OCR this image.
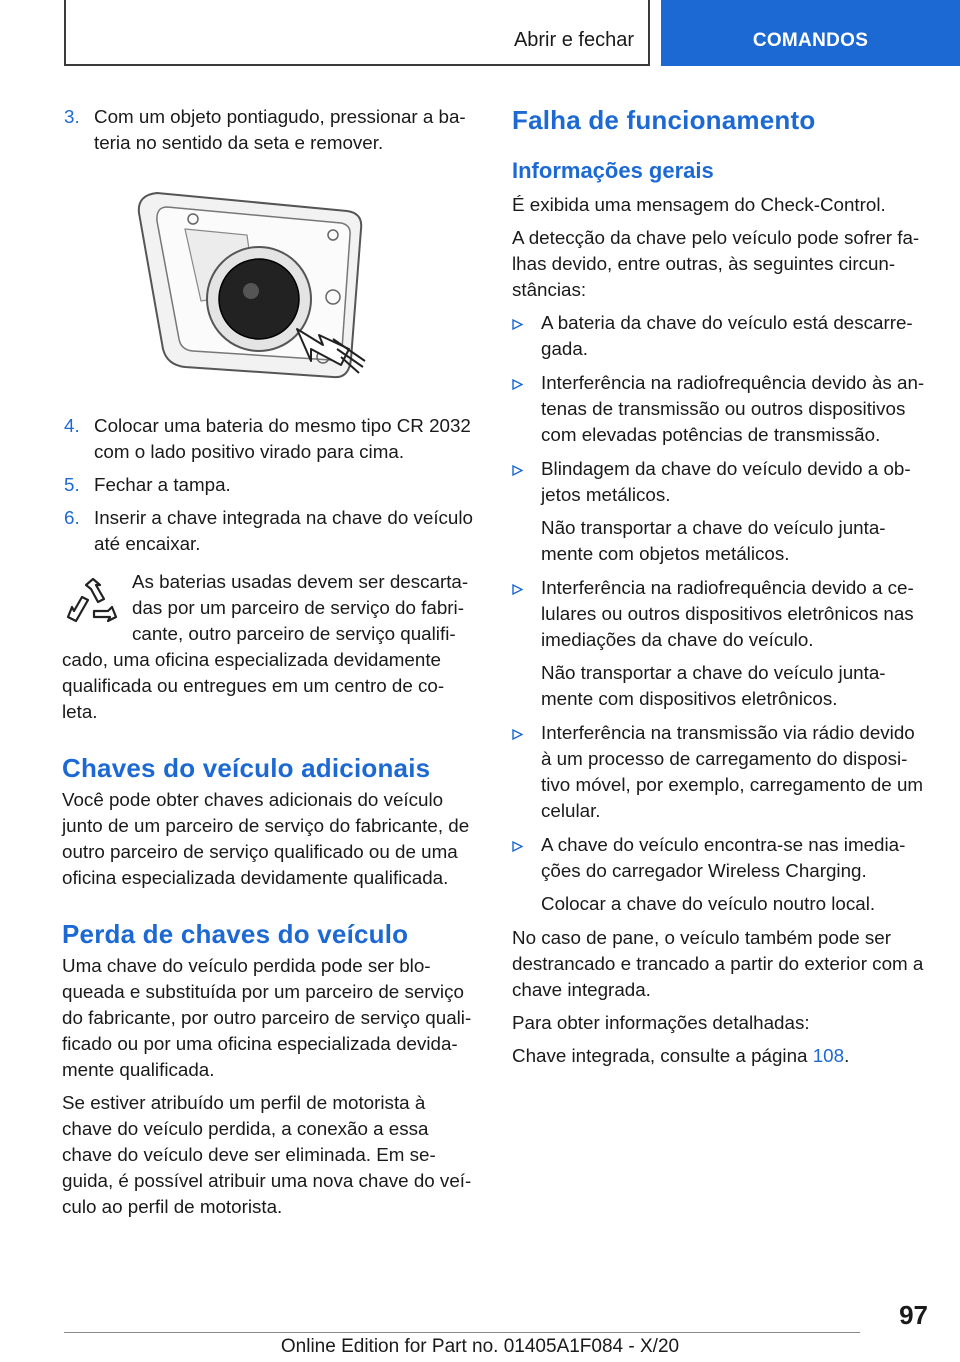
Abrir e fechar	COMANDOS
3. Com um objeto pontiagudo, pressionar a ba-teria no sentido da seta e remover.
4. Colocar uma bateria do mesmo tipo CR 2032 com o lado positivo virado para cima.
5. Fechar a tampa.
6. Inserir a chave integrada na chave do veículo até encaixar.
As baterias usadas devem ser descarta-das por um parceiro de serviço do fabri-cante, outro parceiro de serviço qualifi-
cado, uma oficina especializada devidamente qualificada ou entregues em um centro de co-leta.
Chaves do veículo adicionais

Você pode obter chaves adicionais do veículo junto de um parceiro de serviço do fabricante, de outro parceiro de serviço qualificado ou de uma oficina especializada devidamente qualificada.

Perda de chaves do veículo

Uma chave do veículo perdida pode ser blo-queada e substituída por um parceiro de serviço do fabricante, por outro parceiro de serviço quali-ficado ou por uma oficina especializada devida-mente qualificada.

Se estiver atribuído um perfil de motorista à chave do veículo perdida, a conexão a essa chave do veículo deve ser eliminada. Em se-guida, é possível atribuir uma nova chave do veí-culo ao perfil de motorista.

Falha de funcionamento
Informações gerais

É exibida uma mensagem do Check-Control.

A detecção da chave pelo veículo pode sofrer fa-lhas devido, entre outras, às seguintes circun-stâncias:

A bateria da chave do veículo está descarre-gada.
Interferência na radiofrequência devido às an-tenas de transmissão ou outros dispositivos com elevadas potências de transmissão.
Blindagem da chave do veículo devido a ob-jetos metálicos.
Não transportar a chave do veículo junta-mente com objetos metálicos.
Interferência na radiofrequência devido a ce-lulares ou outros dispositivos eletrônicos nas imediações da chave do veículo.
Não transportar a chave do veículo junta-mente com dispositivos eletrônicos.
Interferência na transmissão via rádio devido à um processo de carregamento do disposi-tivo móvel, por exemplo, carregamento de um celular.
A chave do veículo encontra-se nas imedia-ções do carregador Wireless Charging.
Colocar a chave do veículo noutro local.

No caso de pane, o veículo também pode ser destrancado e trancado a partir do exterior com a chave integrada.

Para obter informações detalhadas:

Chave integrada, consulte a página 108.

97
Online Edition for Part no. 01405A1F084 - X/20
